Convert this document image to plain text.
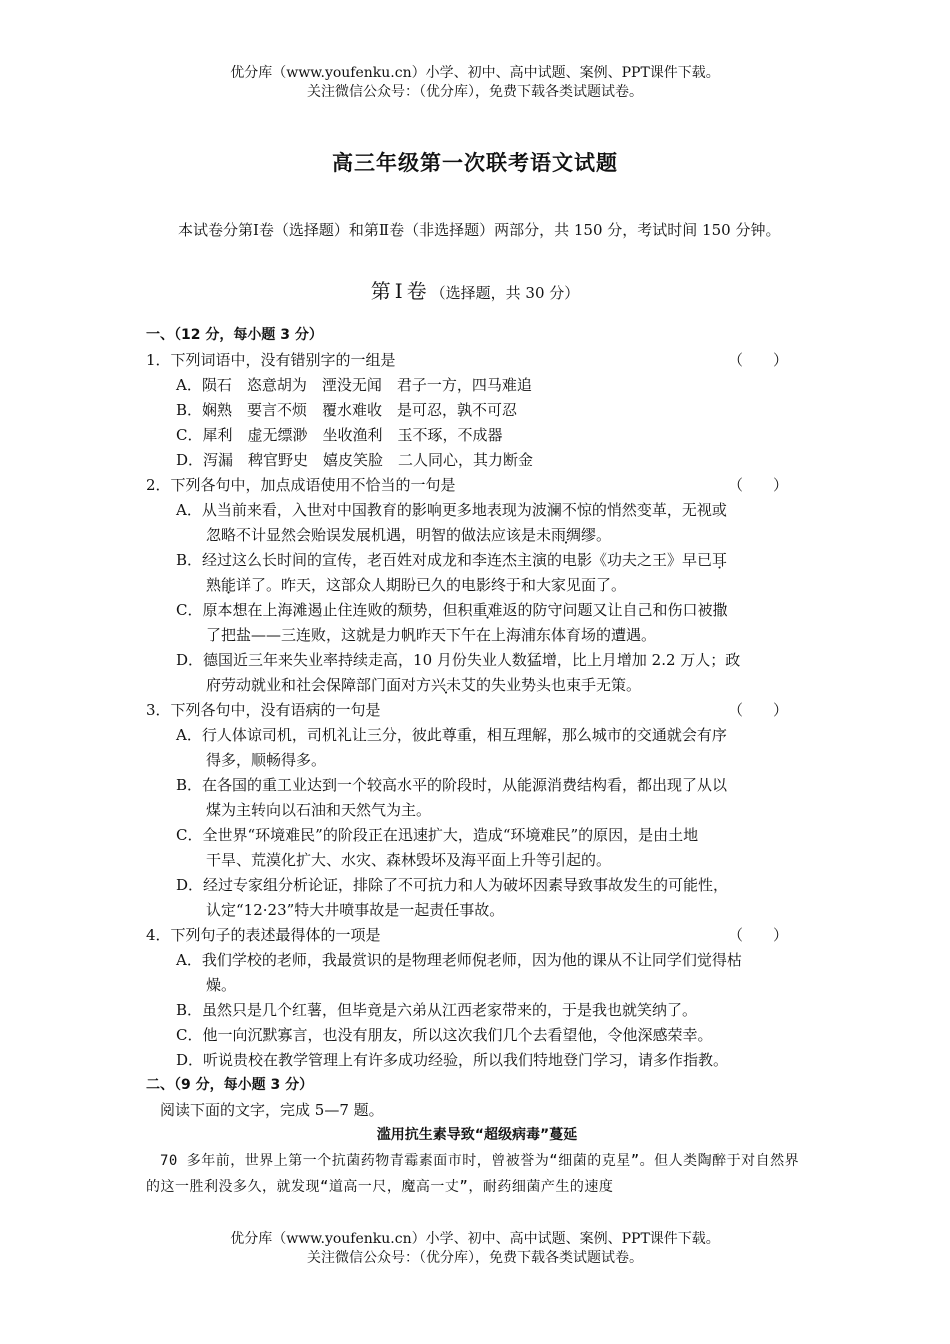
优分库（www.youfenku.cn）小学、初中、高中试题、案例、PPT课件下载。
关注微信公众号：（优分库），免费下载各类试题试卷。
高三年级第一次联考语文试题
本试卷分第Ⅰ卷（选择题）和第Ⅱ卷（非选择题）两部分，共 150 分，考试时间 150 分钟。
第Ⅰ卷（选择题，共 30 分）
一、（12 分，每小题 3 分）
1．下列词语中，没有错别字的一组是	（　　）
A．陨石　恣意胡为　湮没无闻　君子一方，四马难追
B．娴熟　要言不烦　覆水难收　是可忍，孰不可忍
C．犀利　虚无缥渺　坐收渔利　玉不琢，不成器
D．泻漏　稗官野史　嬉皮笑脸　二人同心，其力断金
2．下列各句中，加点成语使用不恰当的一句是	（　　）
A．从当前来看，入世对中国教育的影响更多地表现为波澜不惊的悄然变革，无视或
忽略不计显然会贻误发展机遇，明智的做法应该是未雨绸缪。
B．经过这么长时间的宣传，老百姓对成龙和李连杰主演的电影《功夫之王》早已耳
熟能详了。昨天，这部众人期盼已久的电影终于和大家见面了。
C．原本想在上海滩遏止住连败的颓势，但积重难返的防守问题又让自己和伤口被撒
了把盐——三连败，这就是力帆昨天下午在上海浦东体育场的遭遇。
D．德国近三年来失业率持续走高，10 月份失业人数猛增，比上月增加 2.2 万人；政
府劳动就业和社会保障部门面对方兴未艾的失业势头也束手无策。
3．下列各句中，没有语病的一句是	（　　）
A．行人体谅司机，司机礼让三分，彼此尊重，相互理解，那么城市的交通就会有序
得多，顺畅得多。
B．在各国的重工业达到一个较高水平的阶段时，从能源消费结构看，都出现了从以
煤为主转向以石油和天然气为主。
C．全世界“环境难民”的阶段正在迅速扩大，造成“环境难民”的原因，是由土地
干旱、荒漠化扩大、水灾、森林毁坏及海平面上升等引起的。
D．经过专家组分析论证，排除了不可抗力和人为破坏因素导致事故发生的可能性，
认定“12·23”特大井喷事故是一起责任事故。
4．下列句子的表述最得体的一项是	（　　）
A．我们学校的老师，我最赏识的是物理老师倪老师，因为他的课从不让同学们觉得枯
燥。
B．虽然只是几个红薯，但毕竟是六弟从江西老家带来的，于是我也就笑纳了。
C．他一向沉默寡言，也没有朋友，所以这次我们几个去看望他，令他深感荣幸。
D．听说贵校在教学管理上有许多成功经验，所以我们特地登门学习，请多作指教。
二、（9 分，每小题 3 分）
阅读下面的文字，完成 5—7 题。
滥用抗生素导致“超级病毒”蔓延
70 多年前，世界上第一个抗菌药物青霉素面市时，曾被誉为“细菌的克星”。但人类陶醉于对自然界的这一胜利没多久，就发现“道高一尺，魔高一丈”，耐药细菌产生的速度
优分库（www.youfenku.cn）小学、初中、高中试题、案例、PPT课件下载。
关注微信公众号：（优分库），免费下载各类试题试卷。
